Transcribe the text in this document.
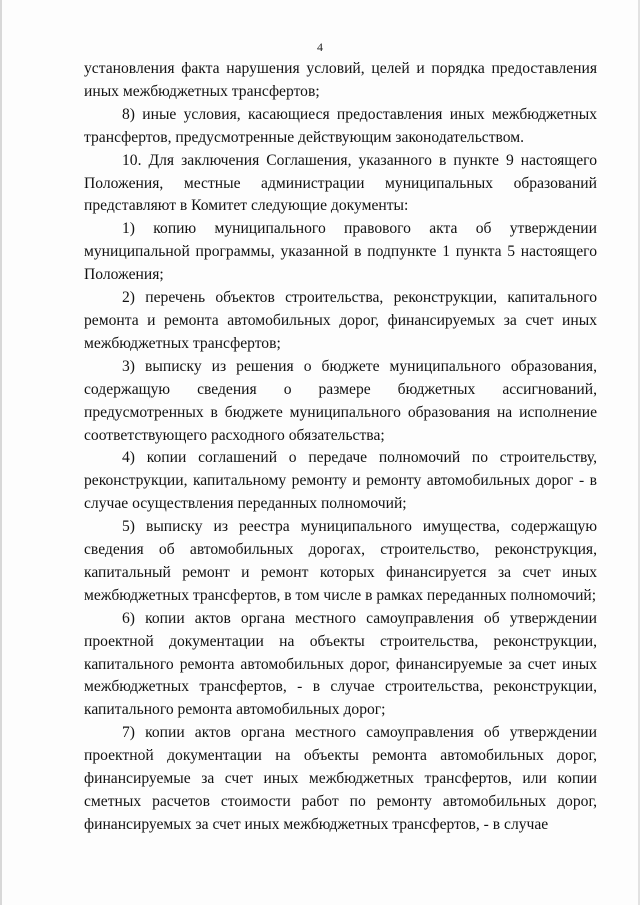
4

установления факта нарушения условий, целей и порядка предоставления иных межбюджетных трансфертов;

8) иные условия, касающиеся предоставления иных межбюджетных трансфертов, предусмотренные действующим законодательством.

10. Для заключения Соглашения, указанного в пункте 9 настоящего Положения, местные администрации муниципальных образований представляют в Комитет следующие документы:

1) копию муниципального правового акта об утверждении муниципальной программы, указанной в подпункте 1 пункта 5 настоящего Положения;

2) перечень объектов строительства, реконструкции, капитального ремонта и ремонта автомобильных дорог, финансируемых за счет иных межбюджетных трансфертов;

3) выписку из решения о бюджете муниципального образования, содержащую сведения о размере бюджетных ассигнований, предусмотренных в бюджете муниципального образования на исполнение соответствующего расходного обязательства;

4) копии соглашений о передаче полномочий по строительству, реконструкции, капитальному ремонту и ремонту автомобильных дорог - в случае осуществления переданных полномочий;

5) выписку из реестра муниципального имущества, содержащую сведения об автомобильных дорогах, строительство, реконструкция, капитальный ремонт и ремонт которых финансируется за счет иных межбюджетных трансфертов, в том числе в рамках переданных полномочий;

6) копии актов органа местного самоуправления об утверждении проектной документации на объекты строительства, реконструкции, капитального ремонта автомобильных дорог, финансируемые за счет иных межбюджетных трансфертов, - в случае строительства, реконструкции, капитального ремонта автомобильных дорог;

7) копии актов органа местного самоуправления об утверждении проектной документации на объекты ремонта автомобильных дорог, финансируемые за счет иных межбюджетных трансфертов, или копии сметных расчетов стоимости работ по ремонту автомобильных дорог, финансируемых за счет иных межбюджетных трансфертов, - в случае
